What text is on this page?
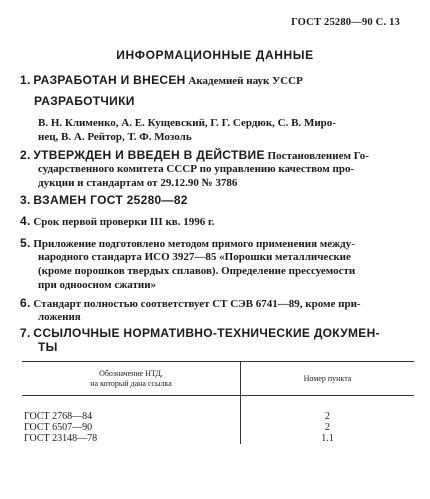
ГОСТ 25280—90 С. 13
ИНФОРМАЦИОННЫЕ ДАННЫЕ
1. РАЗРАБОТАН И ВНЕСЕН Академией наук УССР
РАЗРАБОТЧИКИ
В. Н. Клименко, А. Е. Кущевский, Г. Г. Сердюк, С. В. Миро-
нец, В. А. Рейтор, Т. Ф. Мозоль
2. УТВЕРЖДЕН И ВВЕДЕН В ДЕЙСТВИЕ Постановлением Го-
сударственного комитета СССР по управлению качеством про-
дукции и стандартам от 29.12.90 № 3786
3. ВЗАМЕН ГОСТ 25280—82
4. Срок первой проверки III кв. 1996 г.
5. Приложение подготовлено методом прямого применения между-
народного стандарта ИСО 3927—85 «Порошки металлические
(кроме порошков твердых сплавов). Определение прессуемости
при одноосном сжатии»
6. Стандарт полностью соответствует СТ СЭВ 6741—89, кроме при-
ложения
7. ССЫЛОЧНЫЕ НОРМАТИВНО-ТЕХНИЧЕСКИЕ ДОКУМЕН-
ТЫ
Обозначение НТД,
на который дана ссылка	Номер пункта
ГОСТ 2768—84	2
ГОСТ 6507—90	2
ГОСТ 23148—78	1.1
